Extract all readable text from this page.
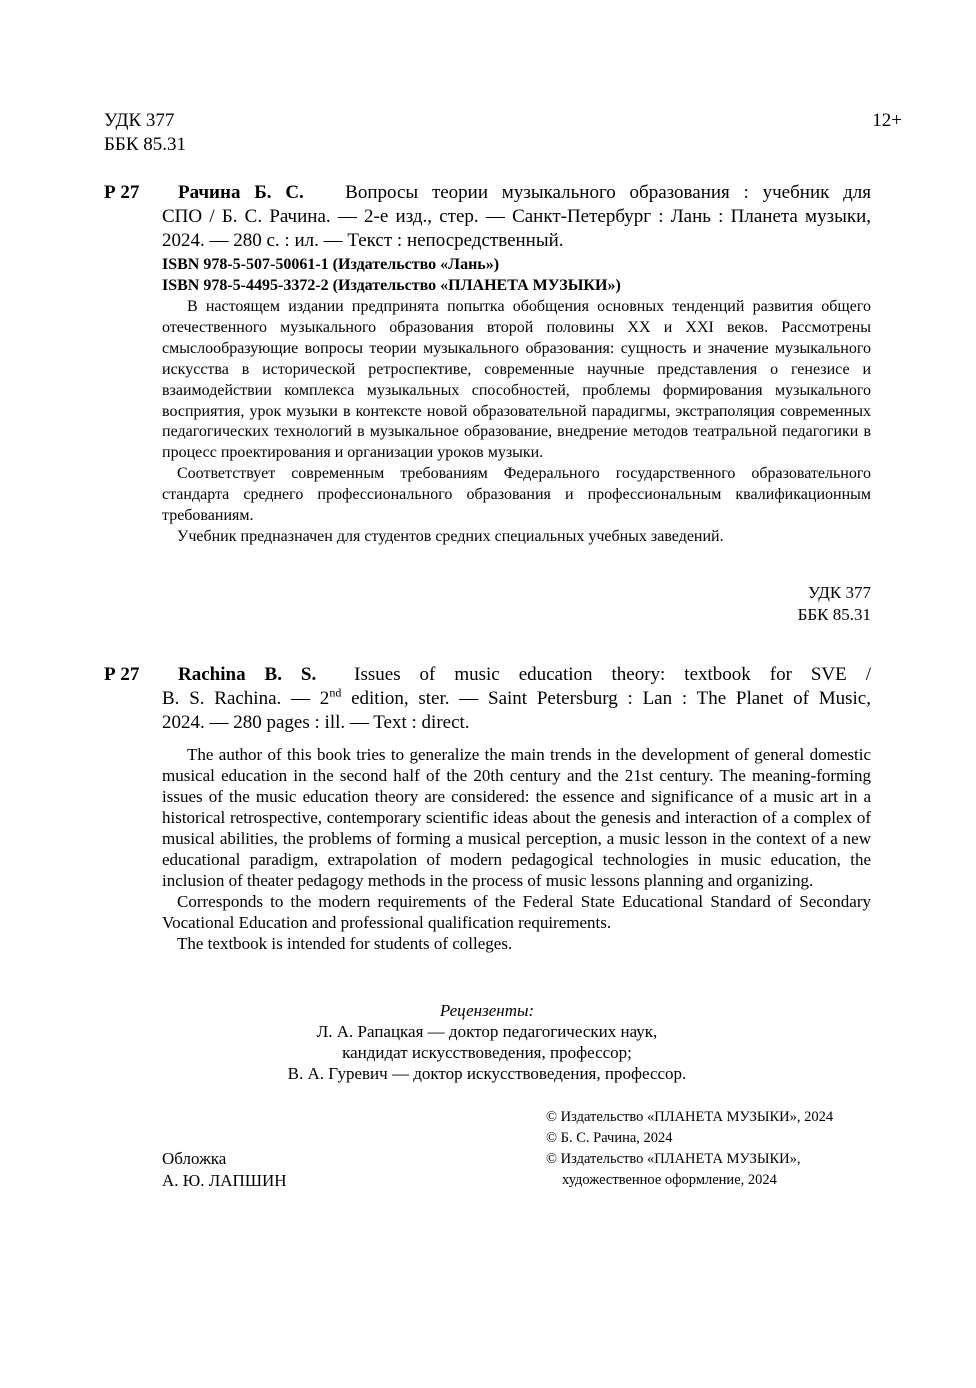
УДК 377
ББК 85.31
12+
Р 27 Рачина Б. С. Вопросы теории музыкального образования : учебник для
СПО / Б. С. Рачина. — 2-е изд., стер. — Санкт-Петербург : Лань : Планета музыки, 2024. — 280 с. : ил. — Текст : непосредственный.
ISBN 978-5-507-50061-1 (Издательство «Лань»)
ISBN 978-5-4495-3372-2 (Издательство «ПЛАНЕТА МУЗЫКИ»)

В настоящем издании предпринята попытка обобщения основных тенденций развития общего отечественного музыкального образования второй половины XX и XXI веков. Рассмотрены смыслообразующие вопросы теории музыкального образования: сущность и значение музыкального искусства в исторической ретроспективе, современные научные представления о генезисе и взаимодействии комплекса музыкальных способностей, проблемы формирования музыкального восприятия, урок музыки в контексте новой образовательной парадигмы, экстраполяция современных педагогических технологий в музыкальное образование, внедрение методов театральной педагогики в процесс проектирования и организации уроков музыки.

Соответствует современным требованиям Федерального государственного образовательного стандарта среднего профессионального образования и профессиональным квалификационным требованиям.

Учебник предназначен для студентов средних специальных учебных заведений.

УДК 377
ББК 85.31
Р 27 Rachina B. S. Issues of music education theory: textbook for SVE /
B. S. Rachina. — 2nd edition, ster. — Saint Petersburg : Lan : The Planet of Music,
2024. — 280 pages : ill. — Text : direct.

The author of this book tries to generalize the main trends in the development of general domestic musical education in the second half of the 20th century and the 21st century. The meaning-forming issues of the music education theory are considered: the essence and significance of a music art in a historical retrospective, contemporary scientific ideas about the genesis and interaction of a complex of musical abilities, the problems of forming a musical perception, a music lesson in the context of a new educational paradigm, extrapolation of modern pedagogical technologies in music education, the inclusion of theater pedagogy methods in the process of music lessons planning and organizing.

Corresponds to the modern requirements of the Federal State Educational Standard of Secondary Vocational Education and professional qualification requirements.

The textbook is intended for students of colleges.

Рецензенты:
Л. А. Рапацкая — доктор педагогических наук,
кандидат искусствоведения, профессор;
В. А. Гуревич — доктор искусствоведения, профессор.
Обложка
А. Ю. ЛАПШИН
© Издательство «ПЛАНЕТА МУЗЫКИ», 2024
© Б. С. Рачина, 2024
© Издательство «ПЛАНЕТА МУЗЫКИ»,
художественное оформление, 2024
